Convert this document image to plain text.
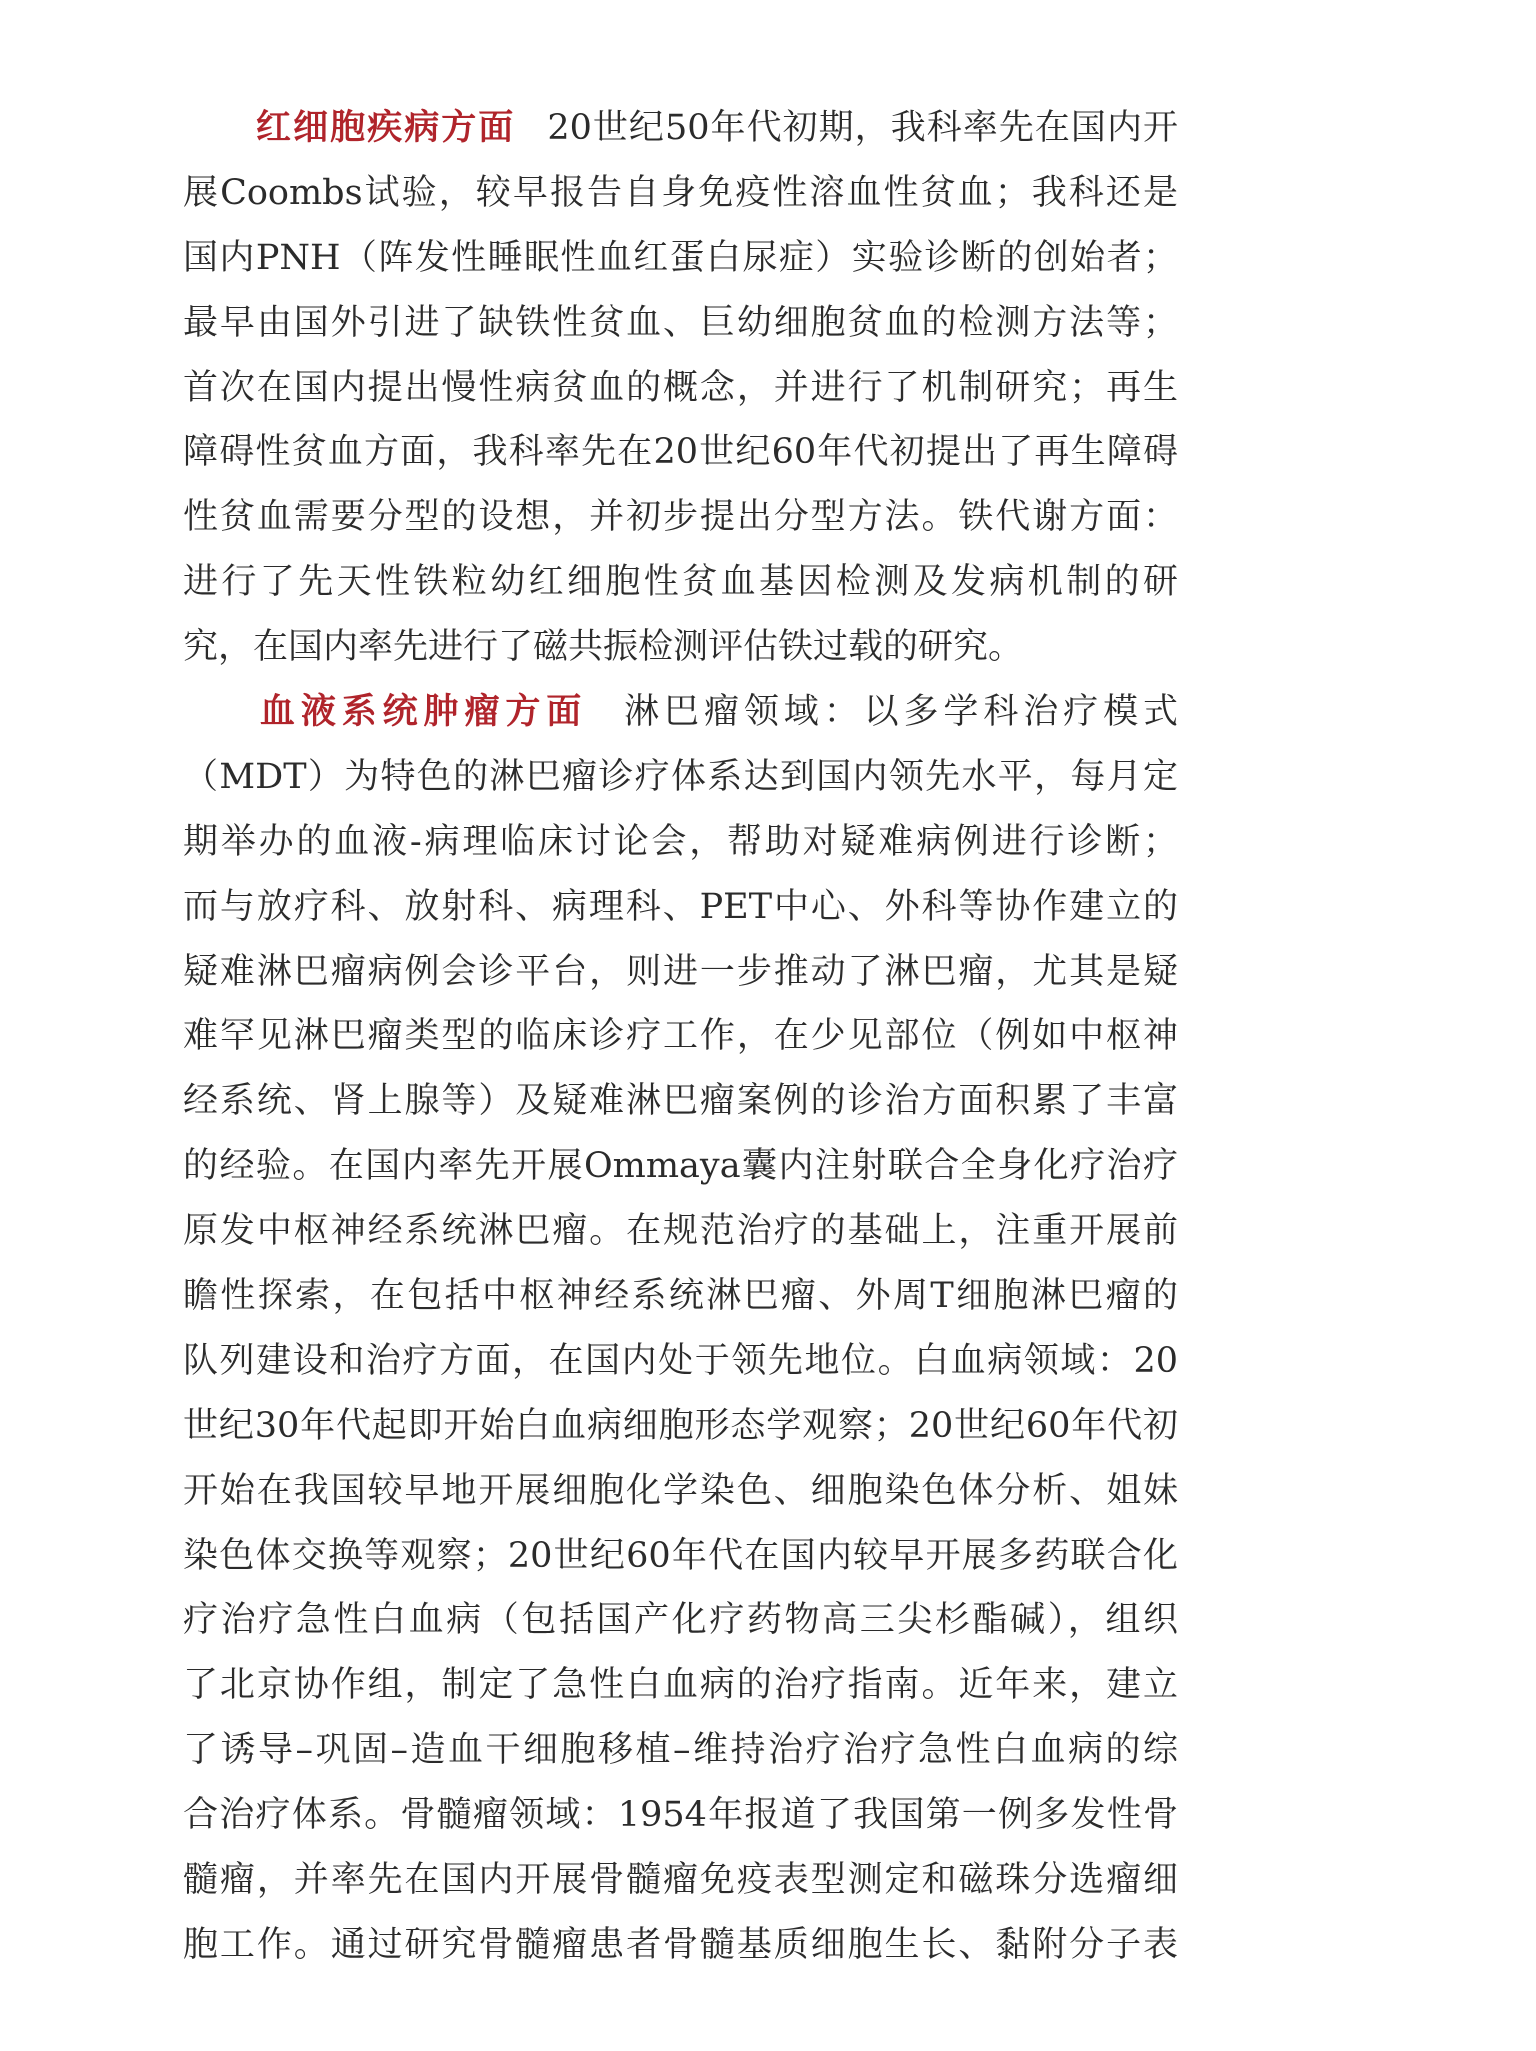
红细胞疾病方面 20世纪50年代初期，我科率先在国内开
展Coombs试验，较早报告自身免疫性溶血性贫血；我科还是
国内PNH（阵发性睡眠性血红蛋白尿症）实验诊断的创始者；
最早由国外引进了缺铁性贫血、巨幼细胞贫血的检测方法等；
首次在国内提出慢性病贫血的概念，并进行了机制研究；再生
障碍性贫血方面，我科率先在20世纪60年代初提出了再生障碍
性贫血需要分型的设想，并初步提出分型方法。铁代谢方面：
进行了先天性铁粒幼红细胞性贫血基因检测及发病机制的研
究，在国内率先进行了磁共振检测评估铁过载的研究。
血液系统肿瘤方面 淋巴瘤领域：以多学科治疗模式
（MDT）为特色的淋巴瘤诊疗体系达到国内领先水平，每月定
期举办的血液-病理临床讨论会，帮助对疑难病例进行诊断；
而与放疗科、放射科、病理科、PET中心、外科等协作建立的
疑难淋巴瘤病例会诊平台，则进一步推动了淋巴瘤，尤其是疑
难罕见淋巴瘤类型的临床诊疗工作，在少见部位（例如中枢神
经系统、肾上腺等）及疑难淋巴瘤案例的诊治方面积累了丰富
的经验。在国内率先开展Ommaya囊内注射联合全身化疗治疗
原发中枢神经系统淋巴瘤。在规范治疗的基础上，注重开展前
瞻性探索，在包括中枢神经系统淋巴瘤、外周T细胞淋巴瘤的
队列建设和治疗方面，在国内处于领先地位。白血病领域：20
世纪30年代起即开始白血病细胞形态学观察；20世纪60年代初
开始在我国较早地开展细胞化学染色、细胞染色体分析、姐妹
染色体交换等观察；20世纪60年代在国内较早开展多药联合化
疗治疗急性白血病（包括国产化疗药物高三尖杉酯碱），组织
了北京协作组，制定了急性白血病的治疗指南。近年来，建立
了诱导–巩固–造血干细胞移植–维持治疗治疗急性白血病的综
合治疗体系。骨髓瘤领域：1954年报道了我国第一例多发性骨
髓瘤，并率先在国内开展骨髓瘤免疫表型测定和磁珠分选瘤细
胞工作。通过研究骨髓瘤患者骨髓基质细胞生长、黏附分子表
